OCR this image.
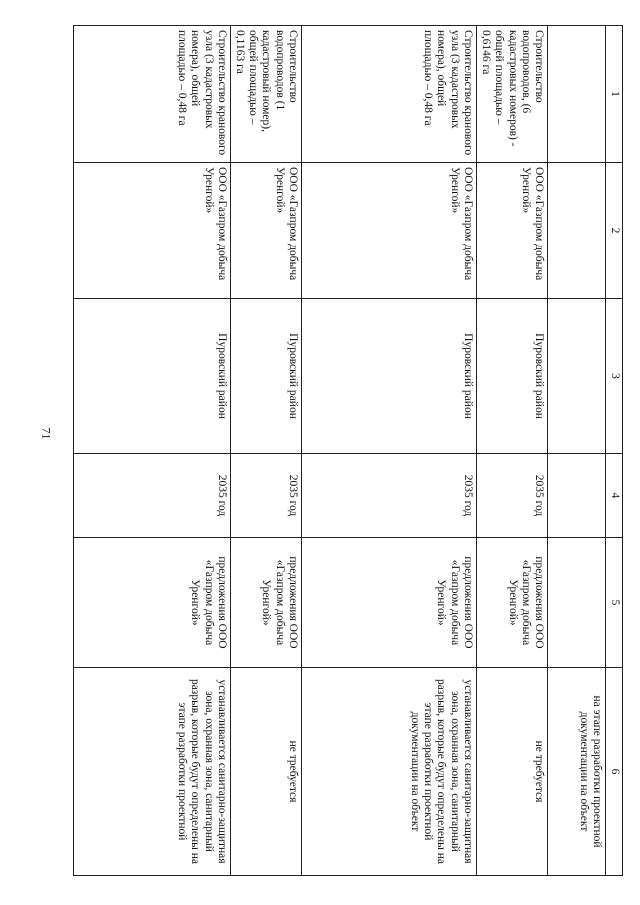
71
1	2	3	4	5	6
					на этапе разработки проектной документации на объект
Строительство водопроводов, (6 кадастровых номеров) - общей площадью – 0,6146 га	ООО «Газпром добыча Уренгой»	Пуровский район	2035 год	предложения ООО «Газпром добыча Уренгой»	не требуется
Строительство кранового узла (3 кадастровых номера), общей площадью – 0,48 га	ООО «Газпром добыча Уренгой»	Пуровский район	2035 год	предложения ООО «Газпром добыча Уренгой»	устанавливается санитарно-защитная зона, охранная зона, санитарный разрыв, которые будут определены на этапе разработки проектной документации на объект
Строительство водопроводов (1 кадастровый номер), общей площадью – 0,1163 га	ООО «Газпром добыча Уренгой»	Пуровский район	2035 год	предложения ООО «Газпром добыча Уренгой»	не требуется
Строительство кранового узла (3 кадастровых номера), общей площадью – 0,48 га	ООО «Газпром добыча Уренгой»	Пуровский район	2035 год	предложения ООО «Газпром добыча Уренгой»	устанавливается санитарно-защитная зона, охранная зона, санитарный разрыв, которые будут определены на этапе разработки проектной
